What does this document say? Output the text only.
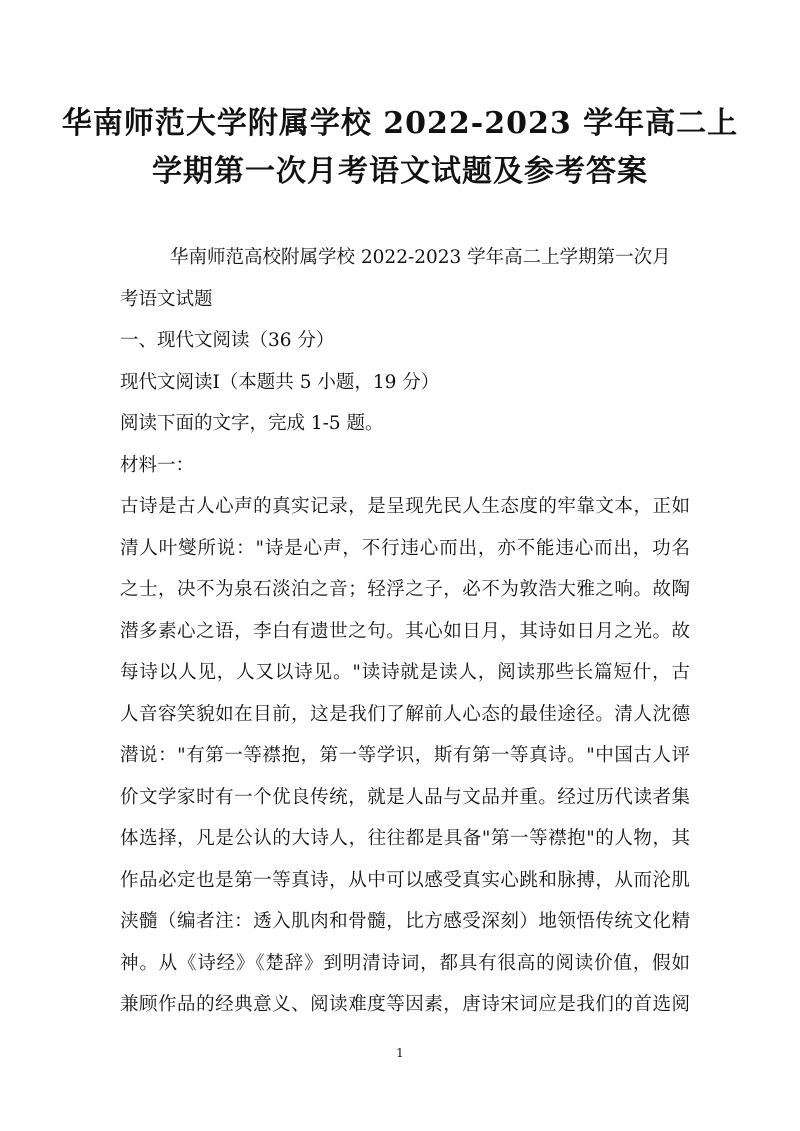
华南师范大学附属学校 2022-2023 学年高二上
学期第一次月考语文试题及参考答案
华南师范高校附属学校 2022-2023 学年高二上学期第一次月
考语文试题
一、现代文阅读（36 分）
现代文阅读Ⅰ（本题共 5 小题，19 分）
阅读下面的文字，完成 1-5 题。
材料一：
古诗是古人心声的真实记录，是呈现先民人生态度的牢靠文本，正如
清人叶燮所说："诗是心声，不行违心而出，亦不能违心而出，功名
之士，决不为泉石淡泊之音；轻浮之子，必不为敦浩大雅之响。故陶
潜多素心之语，李白有遗世之句。其心如日月，其诗如日月之光。故
每诗以人见，人又以诗见。"读诗就是读人，阅读那些长篇短什，古
人音容笑貌如在目前，这是我们了解前人心态的最佳途径。清人沈德
潜说："有第一等襟抱，第一等学识，斯有第一等真诗。"中国古人评
价文学家时有一个优良传统，就是人品与文品并重。经过历代读者集
体选择，凡是公认的大诗人，往往都是具备"第一等襟抱"的人物，其
作品必定也是第一等真诗，从中可以感受真实心跳和脉搏，从而沦肌
浃髓（编者注：透入肌肉和骨髓，比方感受深刻）地领悟传统文化精
神。从《诗经》《楚辞》到明清诗词，都具有很高的阅读价值，假如
兼顾作品的经典意义、阅读难度等因素，唐诗宋词应是我们的首选阅
1
